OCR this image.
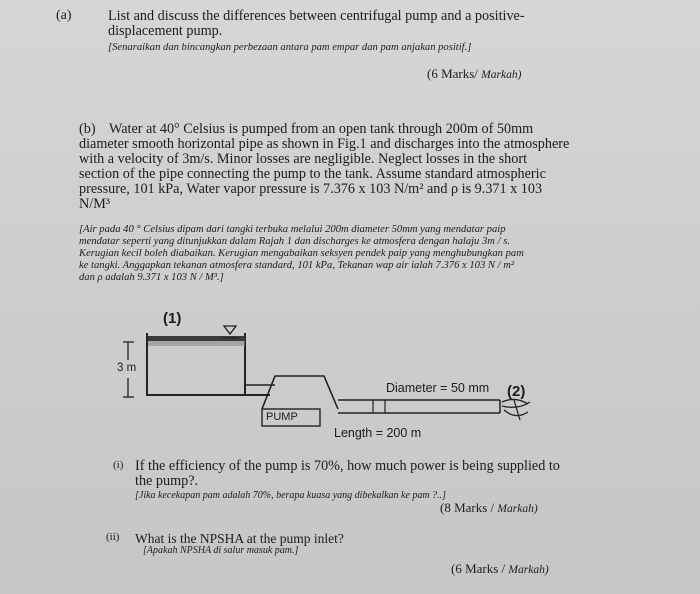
(a)	List and discuss the differences between centrifugal pump and a positive-displacement pump.
[Senaraikan dan bincangkan perbezaan antara pam empar dan pam anjakan positif.]
(6 Marks/ Markah)
(b) Water at 40° Celsius is pumped from an open tank through 200m of 50mm
diameter smooth horizontal pipe as shown in Fig.1 and discharges into the atmosphere
with a velocity of 3m/s. Minor losses are negligible. Neglect losses in the short
section of the pipe connecting the pump to the tank. Assume standard atmospheric
pressure, 101 kPa, Water vapor pressure is 7.376 x 103 N/m² and ρ is 9.371 x 103
N/M³
[Air pada 40 ° Celsius dipam dari tangki terbuka melalui 200m diameter 50mm yang mendatar paip
mendatar seperti yang ditunjukkan dalam Rajah 1 dan discharges ke atmosfera dengan halaju 3m / s.
Kerugian kecil boleh diabaikan. Kerugian mengabaikan seksyen pendek paip yang menghubungkan pam
ke tangki. Anggapkan tekanan atmosfera standard, 101 kPa, Tekanan wap air ialah 7.376 x 103 N / m²
dan ρ adalah 9.371 x 103 N / M³.]
(1)
3 m
Diameter = 50 mm (2)
PUMP
Length = 200 m
(i) If the efficiency of the pump is 70%, how much power is being supplied to
the pump?.
[Jika kecekapan pam adalah 70%, berapa kuasa yang dibekalkan ke pam ?..]
(8 Marks / Markah)
(ii) What is the NPSHA at the pump inlet?
[Apakah NPSHA di salur masuk pam.]
(6 Marks / Markah)
